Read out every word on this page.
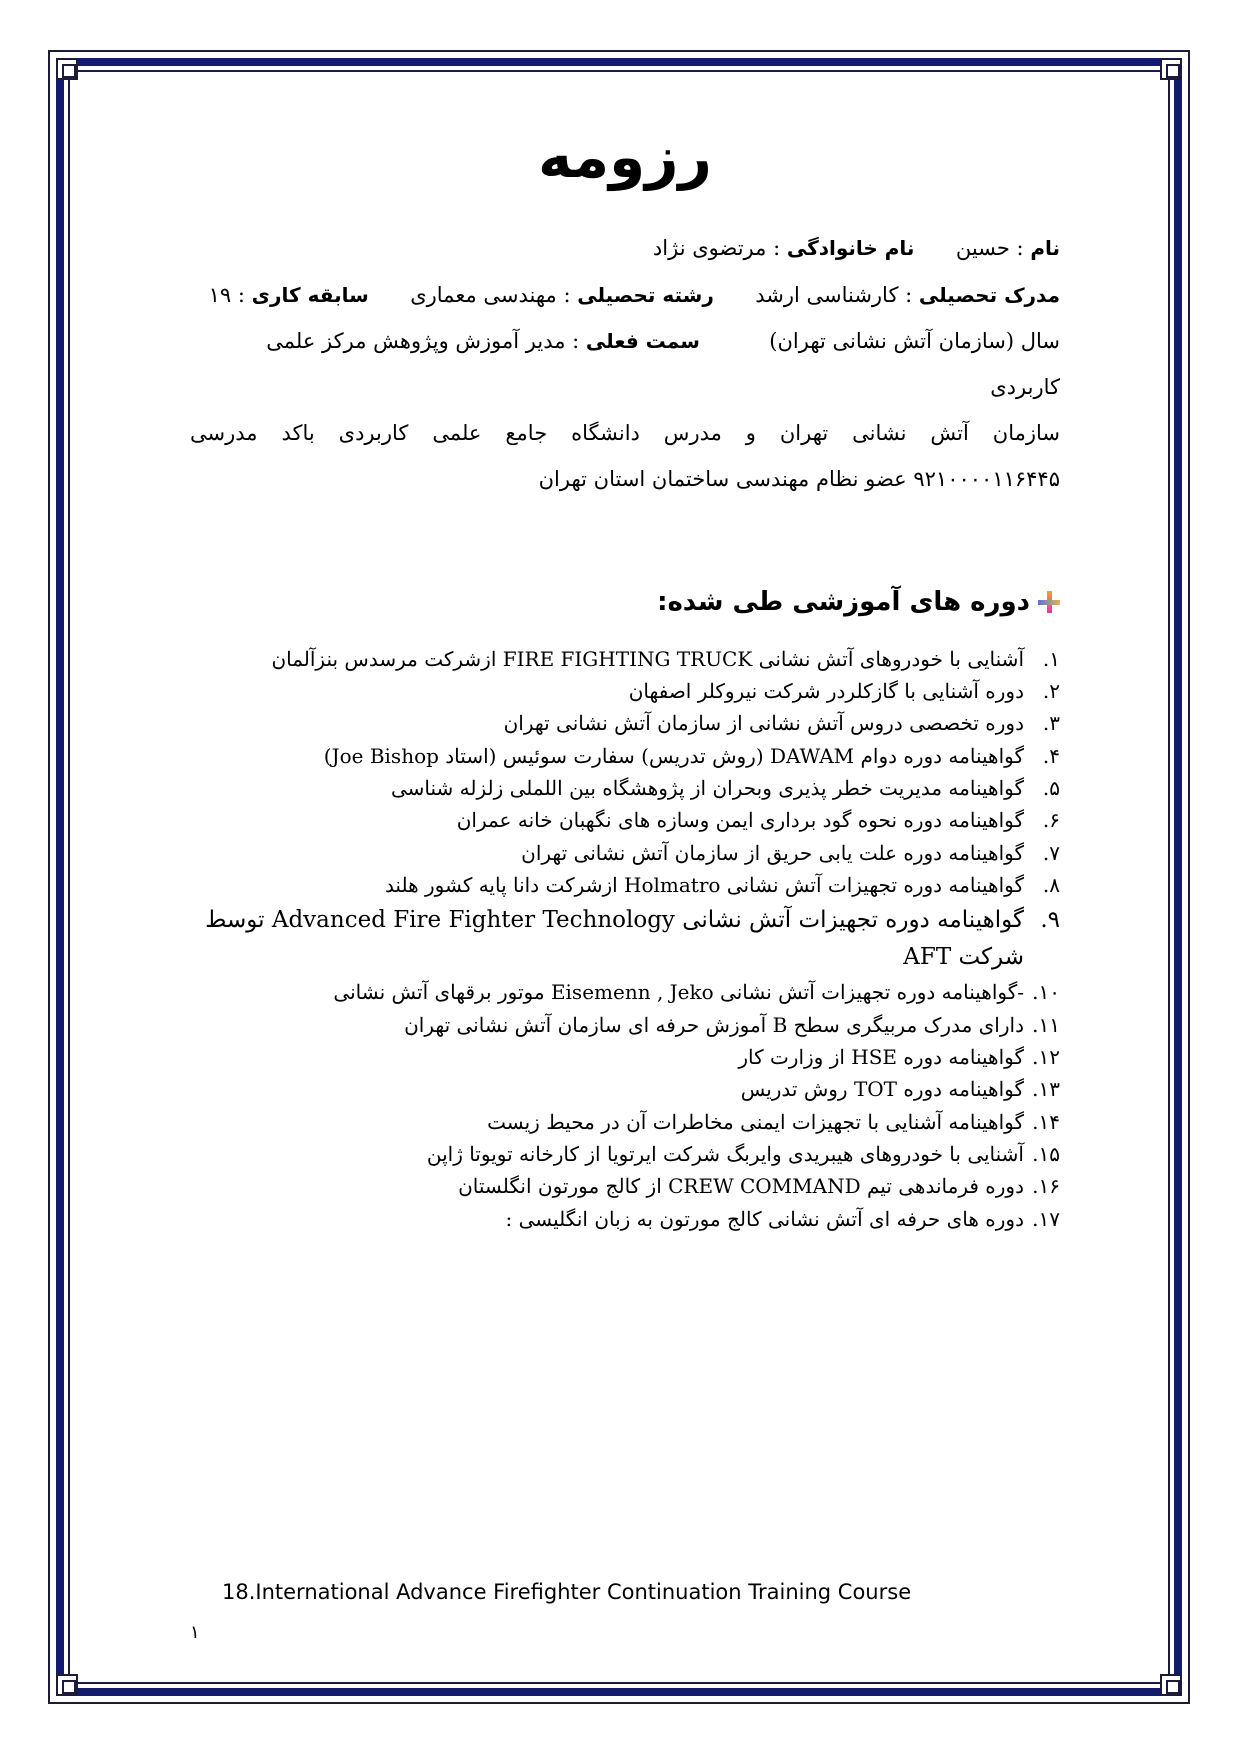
رزومه
نام : حسین  نام خانوادگی : مرتضوی نژاد
مدرک تحصیلی : کارشناسی ارشد  رشته تحصیلی : مهندسی معماری  سابقه کاری : ۱۹
سال (سازمان آتش نشانی تهران)  سمت فعلی : مدیر آموزش وپژوهش مرکز علمی کاربردی
سازمان آتش نشانی تهران و مدرس دانشگاه جامع علمی کاربردی باکد مدرسی
۹۲۱۰۰۰۰۱۱۶۴۴۵ عضو نظام مهندسی ساختمان استان تهران
دوره های آموزشی طی شده:
۱.
آشنایی با خودروهای آتش نشانی FIRE FIGHTING TRUCK ازشرکت مرسدس بنزآلمان
۲.
دوره آشنایی با گازکلردر شرکت نیروکلر اصفهان
۳.
دوره تخصصی دروس آتش نشانی از سازمان آتش نشانی تهران
۴.
گواهینامه دوره دوام DAWAM (روش تدریس) سفارت سوئیس (استاد Joe Bishop)
۵.
گواهینامه مدیریت خطر پذیری وبحران از پژوهشگاه بین اللملی زلزله شناسی
۶.
گواهینامه دوره نحوه گود برداری ایمن وسازه های نگهبان خانه عمران
۷.
گواهینامه دوره علت یابی حریق از سازمان آتش نشانی تهران
۸.
گواهینامه دوره تجهیزات آتش نشانی Holmatro ازشرکت دانا پایه کشور هلند
۹.
گواهینامه دوره تجهیزات آتش نشانی Advanced Fire Fighter Technology توسط شرکت AFT
۱۰.
-گواهینامه دوره تجهیزات آتش نشانی Eisemenn , Jeko موتور برقهای آتش نشانی
۱۱.
دارای مدرک مربیگری سطح B آموزش حرفه ای سازمان آتش نشانی تهران
۱۲.
گواهینامه دوره HSE از وزارت کار
۱۳.
گواهینامه دوره TOT روش تدریس
۱۴.
گواهینامه آشنایی با تجهیزات ایمنی مخاطرات آن در محیط زیست
۱۵.
آشنایی با خودروهای هیبریدی وایربگ شرکت ایرتویا از کارخانه تویوتا ژاپن
۱۶.
دوره فرماندهی تیم CREW COMMAND از کالج مورتون انگلستان
۱۷.
دوره های حرفه ای آتش نشانی کالج مورتون به زبان انگلیسی :
18.International Advance Firefighter Continuation Training Course
۱
